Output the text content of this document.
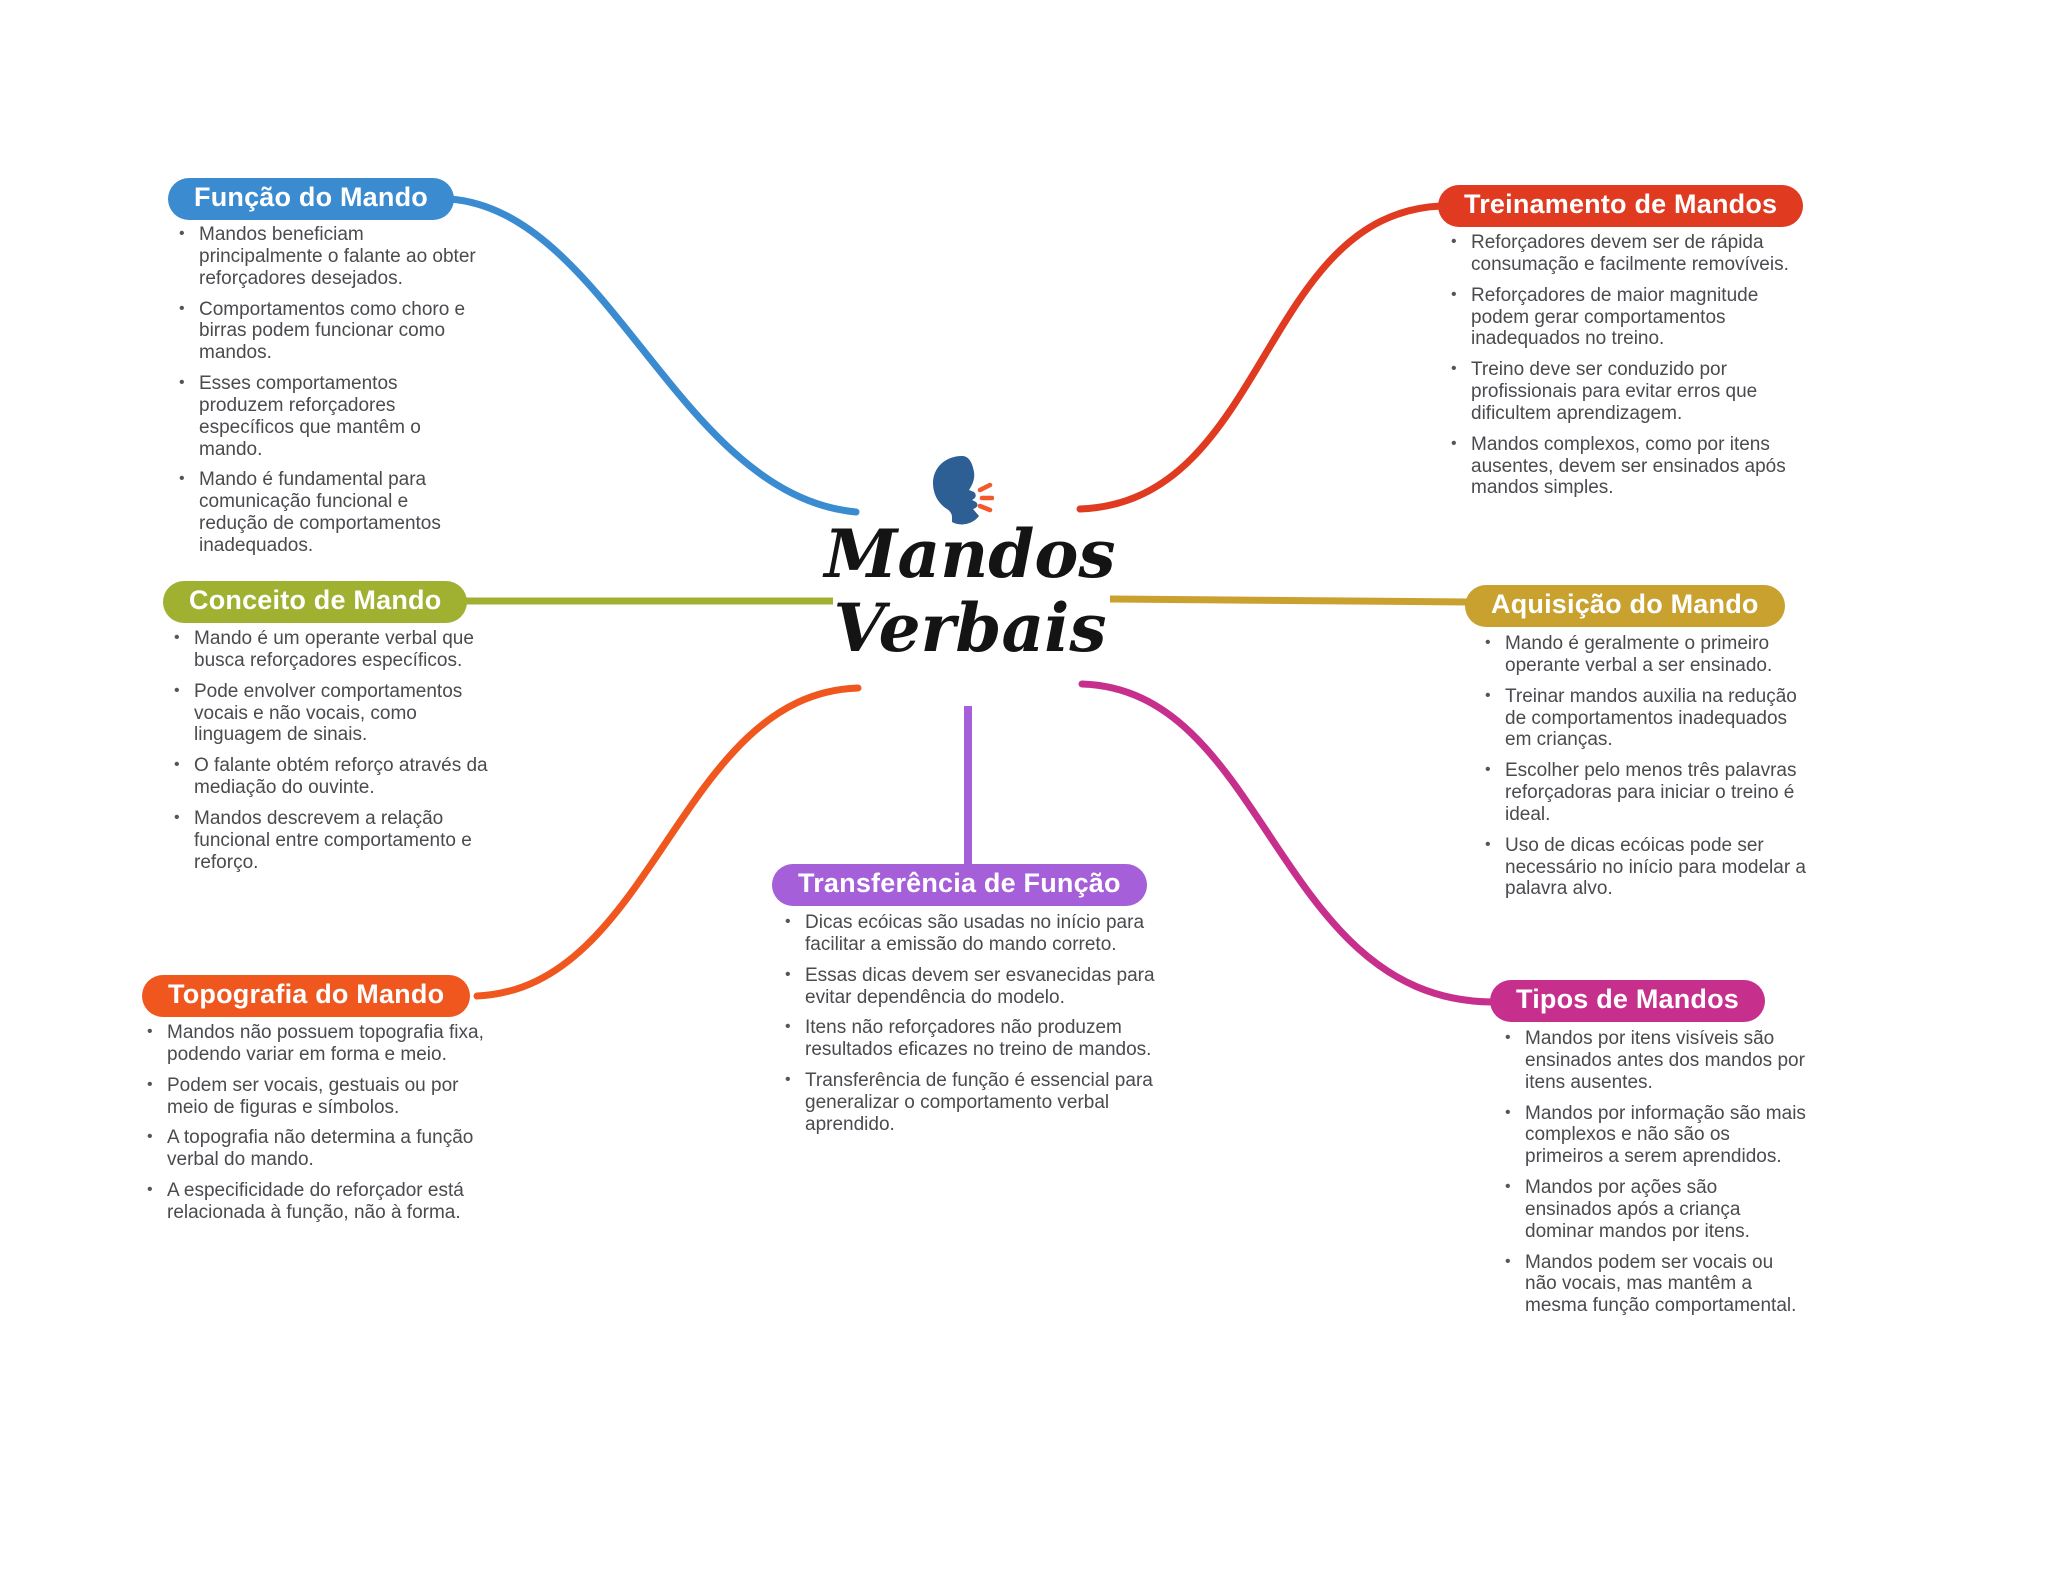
Mandos
Verbais
Função do Mando
• Mandos beneficiam principalmente o falante ao obter reforçadores desejados.
• Comportamentos como choro e birras podem funcionar como mandos.
• Esses comportamentos produzem reforçadores específicos que mantêm o mando.
• Mando é fundamental para comunicação funcional e redução de comportamentos inadequados.
Conceito de Mando
• Mando é um operante verbal que busca reforçadores específicos.
• Pode envolver comportamentos vocais e não vocais, como linguagem de sinais.
• O falante obtém reforço através da mediação do ouvinte.
• Mandos descrevem a relação funcional entre comportamento e reforço.
Topografia do Mando
• Mandos não possuem topografia fixa, podendo variar em forma e meio.
• Podem ser vocais, gestuais ou por meio de figuras e símbolos.
• A topografia não determina a função verbal do mando.
• A especificidade do reforçador está relacionada à função, não à forma.
Treinamento de Mandos
• Reforçadores devem ser de rápida consumação e facilmente removíveis.
• Reforçadores de maior magnitude podem gerar comportamentos inadequados no treino.
• Treino deve ser conduzido por profissionais para evitar erros que dificultem aprendizagem.
• Mandos complexos, como por itens ausentes, devem ser ensinados após mandos simples.
Aquisição do Mando
• Mando é geralmente o primeiro operante verbal a ser ensinado.
• Treinar mandos auxilia na redução de comportamentos inadequados em crianças.
• Escolher pelo menos três palavras reforçadoras para iniciar o treino é ideal.
• Uso de dicas ecóicas pode ser necessário no início para modelar a palavra alvo.
Tipos de Mandos
• Mandos por itens visíveis são ensinados antes dos mandos por itens ausentes.
• Mandos por informação são mais complexos e não são os primeiros a serem aprendidos.
• Mandos por ações são ensinados após a criança dominar mandos por itens.
• Mandos podem ser vocais ou não vocais, mas mantêm a mesma função comportamental.
Transferência de Função
• Dicas ecóicas são usadas no início para facilitar a emissão do mando correto.
• Essas dicas devem ser esvanecidas para evitar dependência do modelo.
• Itens não reforçadores não produzem resultados eficazes no treino de mandos.
• Transferência de função é essencial para generalizar o comportamento verbal aprendido.
